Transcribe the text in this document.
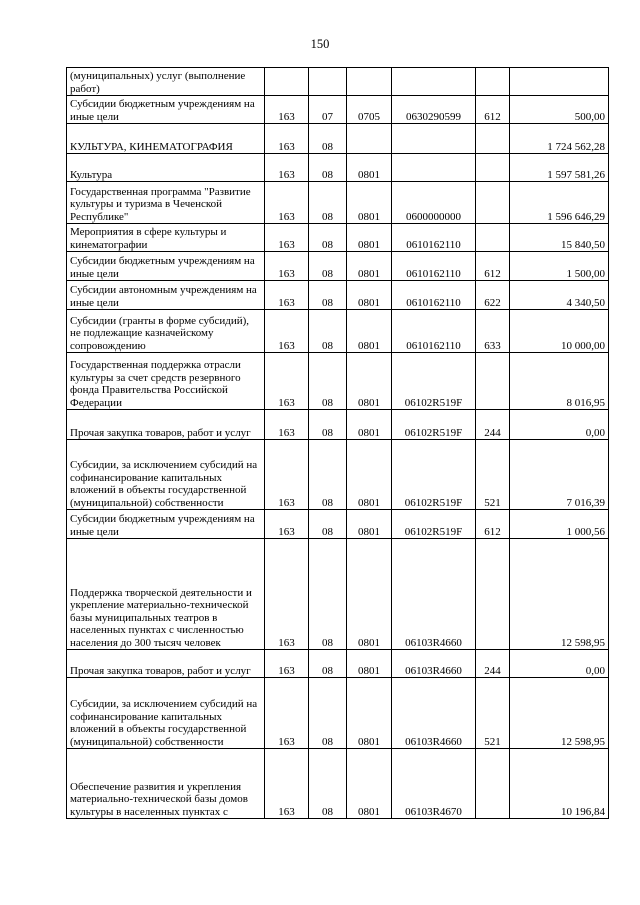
150
(муниципальных) услуг (выполнение работ)						
Субсидии бюджетным учреждениям на иные цели	163	07	0705	0630290599	612	500,00
КУЛЬТУРА, КИНЕМАТОГРАФИЯ	163	08				1 724 562,28
Культура	163	08	0801			1 597 581,26
Государственная программа "Развитие культуры и туризма в Чеченской Республике"	163	08	0801	0600000000		1 596 646,29
Мероприятия в сфере культуры и кинематографии	163	08	0801	0610162110		15 840,50
Субсидии бюджетным учреждениям на иные цели	163	08	0801	0610162110	612	1 500,00
Субсидии автономным учреждениям на иные цели	163	08	0801	0610162110	622	4 340,50
Субсидии (гранты в форме субсидий), не подлежащие казначейскому сопровождению	163	08	0801	0610162110	633	10 000,00
Государственная поддержка отрасли культуры за счет средств резервного фонда Правительства Российской Федерации	163	08	0801	06102R519F		8 016,95
Прочая закупка товаров, работ и услуг	163	08	0801	06102R519F	244	0,00
Субсидии, за исключением субсидий на софинансирование капитальных вложений в объекты государственной (муниципальной) собственности	163	08	0801	06102R519F	521	7 016,39
Субсидии бюджетным учреждениям на иные цели	163	08	0801	06102R519F	612	1 000,56
Поддержка творческой деятельности и укрепление материально-технической базы муниципальных театров в населенных пунктах с численностью населения до 300 тысяч человек	163	08	0801	06103R4660		12 598,95
Прочая закупка товаров, работ и услуг	163	08	0801	06103R4660	244	0,00
Субсидии, за исключением субсидий на софинансирование капитальных вложений в объекты государственной (муниципальной) собственности	163	08	0801	06103R4660	521	12 598,95
Обеспечение развития и укрепления материально-технической базы домов культуры в населенных пунктах с	163	08	0801	06103R4670		10 196,84
